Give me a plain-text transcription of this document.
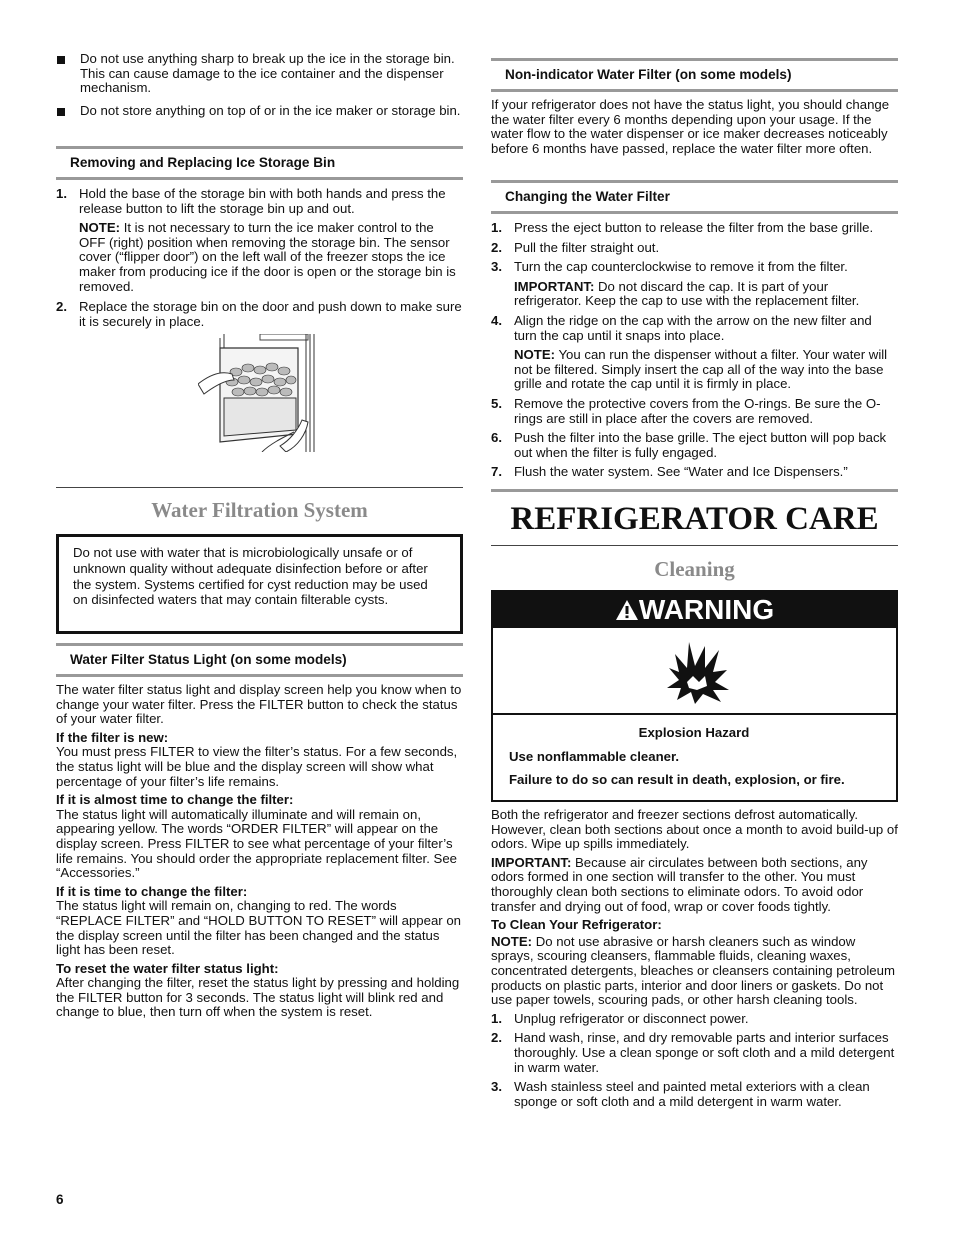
Do not use anything sharp to break up the ice in the storage bin. This can cause damage to the ice container and the dispenser mechanism.
Do not store anything on top of or in the ice maker or storage bin.
Removing and Replacing Ice Storage Bin
1. Hold the base of the storage bin with both hands and press the release button to lift the storage bin up and out.
NOTE: It is not necessary to turn the ice maker control to the OFF (right) position when removing the storage bin. The sensor cover (“flipper door”) on the left wall of the freezer stops the ice maker from producing ice if the door is open or the storage bin is removed.
2. Replace the storage bin on the door and push down to make sure it is securely in place.
Water Filtration System
Do not use with water that is microbiologically unsafe or of unknown quality without adequate disinfection before or after the system. Systems certified for cyst reduction may be used on disinfected waters that may contain filterable cysts.
Water Filter Status Light (on some models)
The water filter status light and display screen help you know when to change your water filter. Press the FILTER button to check the status of your water filter.
If the filter is new:
You must press FILTER to view the filter’s status. For a few seconds, the status light will be blue and the display screen will show what percentage of your filter’s life remains.
If it is almost time to change the filter:
The status light will automatically illuminate and will remain on, appearing yellow. The words “ORDER FILTER” will appear on the display screen. Press FILTER to see what percentage of your filter’s life remains. You should order the appropriate replacement filter. See “Accessories.”
If it is time to change the filter:
The status light will remain on, changing to red. The words “REPLACE FILTER” and “HOLD BUTTON TO RESET” will appear on the display screen until the filter has been changed and the status light has been reset.
To reset the water filter status light:
After changing the filter, reset the status light by pressing and holding the FILTER button for 3 seconds. The status light will blink red and change to blue, then turn off when the system is reset.
Non-indicator Water Filter (on some models)
If your refrigerator does not have the status light, you should change the water filter every 6 months depending upon your usage. If the water flow to the water dispenser or ice maker decreases noticeably before 6 months have passed, replace the water filter more often.
Changing the Water Filter
1. Press the eject button to release the filter from the base grille.
2. Pull the filter straight out.
3. Turn the cap counterclockwise to remove it from the filter.
IMPORTANT: Do not discard the cap. It is part of your refrigerator. Keep the cap to use with the replacement filter.
4. Align the ridge on the cap with the arrow on the new filter and turn the cap until it snaps into place.
NOTE: You can run the dispenser without a filter. Your water will not be filtered. Simply insert the cap all of the way into the base grille and rotate the cap until it is firmly in place.
5. Remove the protective covers from the O-rings. Be sure the O-rings are still in place after the covers are removed.
6. Push the filter into the base grille. The eject button will pop back out when the filter is fully engaged.
7. Flush the water system. See “Water and Ice Dispensers.”
REFRIGERATOR CARE
Cleaning
WARNING
Explosion Hazard
Use nonflammable cleaner.
Failure to do so can result in death, explosion, or fire.
Both the refrigerator and freezer sections defrost automatically. However, clean both sections about once a month to avoid build-up of odors. Wipe up spills immediately.
IMPORTANT: Because air circulates between both sections, any odors formed in one section will transfer to the other. You must thoroughly clean both sections to eliminate odors. To avoid odor transfer and drying out of food, wrap or cover foods tightly.
To Clean Your Refrigerator:
NOTE: Do not use abrasive or harsh cleaners such as window sprays, scouring cleansers, flammable fluids, cleaning waxes, concentrated detergents, bleaches or cleansers containing petroleum products on plastic parts, interior and door liners or gaskets. Do not use paper towels, scouring pads, or other harsh cleaning tools.
1. Unplug refrigerator or disconnect power.
2. Hand wash, rinse, and dry removable parts and interior surfaces thoroughly. Use a clean sponge or soft cloth and a mild detergent in warm water.
3. Wash stainless steel and painted metal exteriors with a clean sponge or soft cloth and a mild detergent in warm water.
6
